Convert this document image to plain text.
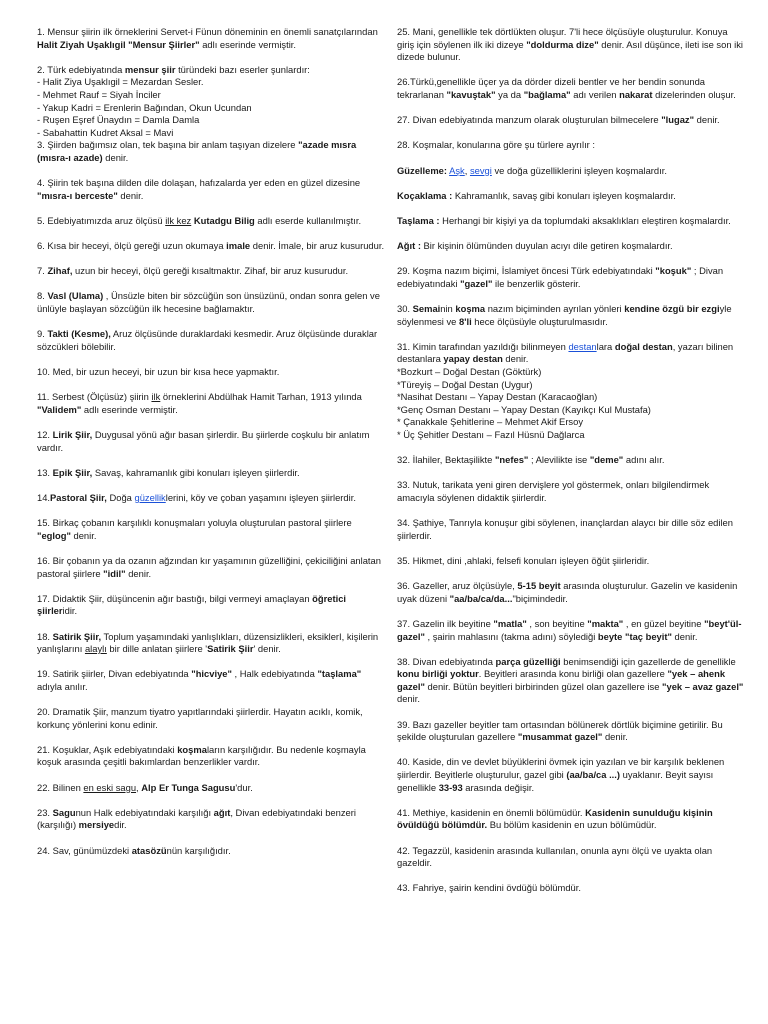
1. Mensur şiirin ilk örneklerini Servet-i Fünun döneminin en önemli sanatçılarından Halit Ziyah Uşaklıgil "Mensur Şiirler" adlı eserinde vermiştir.
2. Türk edebiyatında mensur şiir türündeki bazı eserler şunlardır:
- Halit Ziya Uşaklıgil = Mezardan Sesler.
- Mehmet Rauf = Siyah İnciler
- Yakup Kadri = Erenlerin Bağından, Okun Ucundan
- Ruşen Eşref Ünaydın = Damla Damla
- Sabahattin Kudret Aksal = Mavi
3. Şiirden bağımsız olan, tek başına bir anlam taşıyan dizelere "azade mısra (mısra-ı azade) denir.
4. Şiirin tek başına dilden dile dolaşan, hafızalarda yer eden en güzel dizesine "mısra-ı berceste" denir.
5. Edebiyatımızda aruz ölçüsü ilk kez Kutadgu Bilig adlı eserde kullanılmıştır.
6. Kısa bir heceyi, ölçü gereği uzun okumaya imale denir. İmale, bir aruz kusurudur.
7. Zihaf, uzun bir heceyi, ölçü gereği kısaltmaktır. Zihaf, bir aruz kusurudur.
8. Vasl (Ulama) , Ünsüzle biten bir sözcüğün son ünsüzünü, ondan sonra gelen ve ünlüyle başlayan sözcüğün ilk hecesine bağlamaktır.
9. Takti (Kesme), Aruz ölçüsünde duraklardaki kesmedir. Aruz ölçüsünde duraklar sözcükleri bölebilir.
10. Med, bir uzun heceyi, bir uzun bir kısa hece yapmaktır.
11. Serbest (Ölçüsüz) şiirin ilk örneklerini Abdülhak Hamit Tarhan, 1913 yılında "Validem" adlı eserinde vermiştir.
12. Lirik Şiir, Duygusal yönü ağır basan şirlerdir. Bu şiirlerde coşkulu bir anlatım vardır.
13. Epik Şiir, Savaş, kahramanlık gibi konuları işleyen şiirlerdir.
14.Pastoral Şiir, Doğa güzelliklerini, köy ve çoban yaşamını işleyen şiirlerdir.
15. Birkaç çobanın karşılıklı konuşmaları yoluyla oluşturulan pastoral şiirlere "eglog" denir.
16. Bir çobanın ya da ozanın ağzından kır yaşamının güzelliğini, çekiciliğini anlatan pastoral şiirlere "idil" denir.
17. Didaktik Şiir, düşüncenin ağır bastığı, bilgi vermeyi amaçlayan öğretici şiirleridir.
18. Satirik Şiir, Toplum yaşamındaki yanlışlıkları, düzensizlikleri, eksiklerI, kişilerin yanlışlarını alaylı bir dille anlatan şiirlere 'Satirik Şiir' denir.
19. Satirik şiirler, Divan edebiyatında "hicviye" , Halk edebiyatında "taşlama" adıyla anılır.
20. Dramatik Şiir, manzum tiyatro yapıtlarındaki şiirlerdir. Hayatın acıklı, komik, korkunç yönlerini konu edinir.
21. Koşuklar, Aşık edebiyatındaki koşmaların karşılığıdır. Bu nedenle koşmayla koşuk arasında çeşitli bakımlardan benzerlikler vardır.
22. Bilinen en eski sagu, Alp Er Tunga Sagusu'dur.
23. Sagunun Halk edebiyatındaki karşılığı ağıt, Divan edebiyatındaki benzeri (karşılığı) mersiyedir.
24. Sav, günümüzdeki atasözünün karşılığıdır.
25. Mani, genellikle tek dörtlükten oluşur. 7'li hece ölçüsüyle oluşturulur. Konuya giriş için söylenen ilk iki dizeye "doldurma dize" denir. Asıl düşünce, ileti ise son iki dizede bulunur.
26.Türkü,genellikle üçer ya da dörder dizeli bentler ve her bendin sonunda tekrarlanan "kavuştak" ya da "bağlama" adı verilen nakarat dizelerinden oluşur.
27. Divan edebiyatında manzum olarak oluşturulan bilmecelere "lugaz" denir.
28. Koşmalar, konularına göre şu türlere ayrılır :
Güzelleme: Aşk, sevgi ve doğa güzelliklerini işleyen koşmalardır.
Koçaklama : Kahramanlık, savaş gibi konuları işleyen koşmalardır.
Taşlama : Herhangi bir kişiyi ya da toplumdaki aksaklıkları eleştiren koşmalardır.
Ağıt : Bir kişinin ölümünden duyulan acıyı dile getiren koşmalardır.
29. Koşma nazım biçimi, İslamiyet öncesi Türk edebiyatındaki "koşuk" ; Divan edebiyatındaki "gazel" ile benzerlik gösterir.
30. Semainin koşma nazım biçiminden ayrılan yönleri kendine özgü bir ezgiyle söylenmesi ve 8'li hece ölçüsüyle oluşturulmasıdır.
31. Kimin tarafından yazıldığı bilinmeyen destanlara doğal destan, yazarı bilinen destanlara yapay destan denir.
*Bozkurt – Doğal Destan (Göktürk)
*Türeyiş – Doğal Destan (Uygur)
*Nasihat Destanı – Yapay Destan (Karacaoğlan)
*Genç Osman Destanı – Yapay Destan (Kayıkçı Kul Mustafa)
* Çanakkale Şehitlerine – Mehmet Akif Ersoy
* Üç Şehitler Destanı – Fazıl Hüsnü Dağlarca
32. İlahiler, Bektaşilikte "nefes" ; Alevilikte ise "deme" adını alır.
33. Nutuk, tarikata yeni giren dervişlere yol göstermek, onları bilgilendirmek amacıyla söylenen didaktik şiirlerdir.
34. Şathiye, Tanrıyla konuşur gibi söylenen, inançlardan alaycı bir dille söz edilen şiirlerdir.
35. Hikmet, dini ,ahlaki, felsefi konuları işleyen öğüt şiirleridir.
36. Gazeller, aruz ölçüsüyle, 5-15 beyit arasında oluşturulur. Gazelin ve kasidenin uyak düzeni "aa/ba/ca/da..."biçimindedir.
37. Gazelin ilk beyitine "matla" , son beyitine "makta" , en güzel beyitine "beyt'ül-gazel" , şairin mahlasını (takma adını) söylediği beyte "taç beyit" denir.
38. Divan edebiyatında parça güzelliği benimsendiği için gazellerde de genellikle konu birliği yoktur. Beyitleri arasında konu birliği olan gazellere "yek – ahenk gazel" denir. Bütün beyitleri birbirinden güzel olan gazellere ise "yek – avaz gazel" denir.
39. Bazı gazeller beyitler tam ortasından bölünerek dörtlük biçimine getirilir. Bu şekilde oluşturulan gazellere "musammat gazel" denir.
40. Kaside, din ve devlet büyüklerini övmek için yazılan ve bir karşılık beklenen şiirlerdir. Beyitlerle oluşturulur, gazel gibi (aa/ba/ca ...) uyaklanır. Beyit sayısı genellikle 33-93 arasında değişir.
41. Methiye, kasidenin en önemli bölümüdür. Kasidenin sunulduğu kişinin övüldüğü bölümdür. Bu bölüm kasidenin en uzun bölümüdür.
42. Tegazzül, kasidenin arasında kullanılan, onunla aynı ölçü ve uyakta olan gazeldir.
43. Fahriye, şairin kendini övdüğü bölümdür.
